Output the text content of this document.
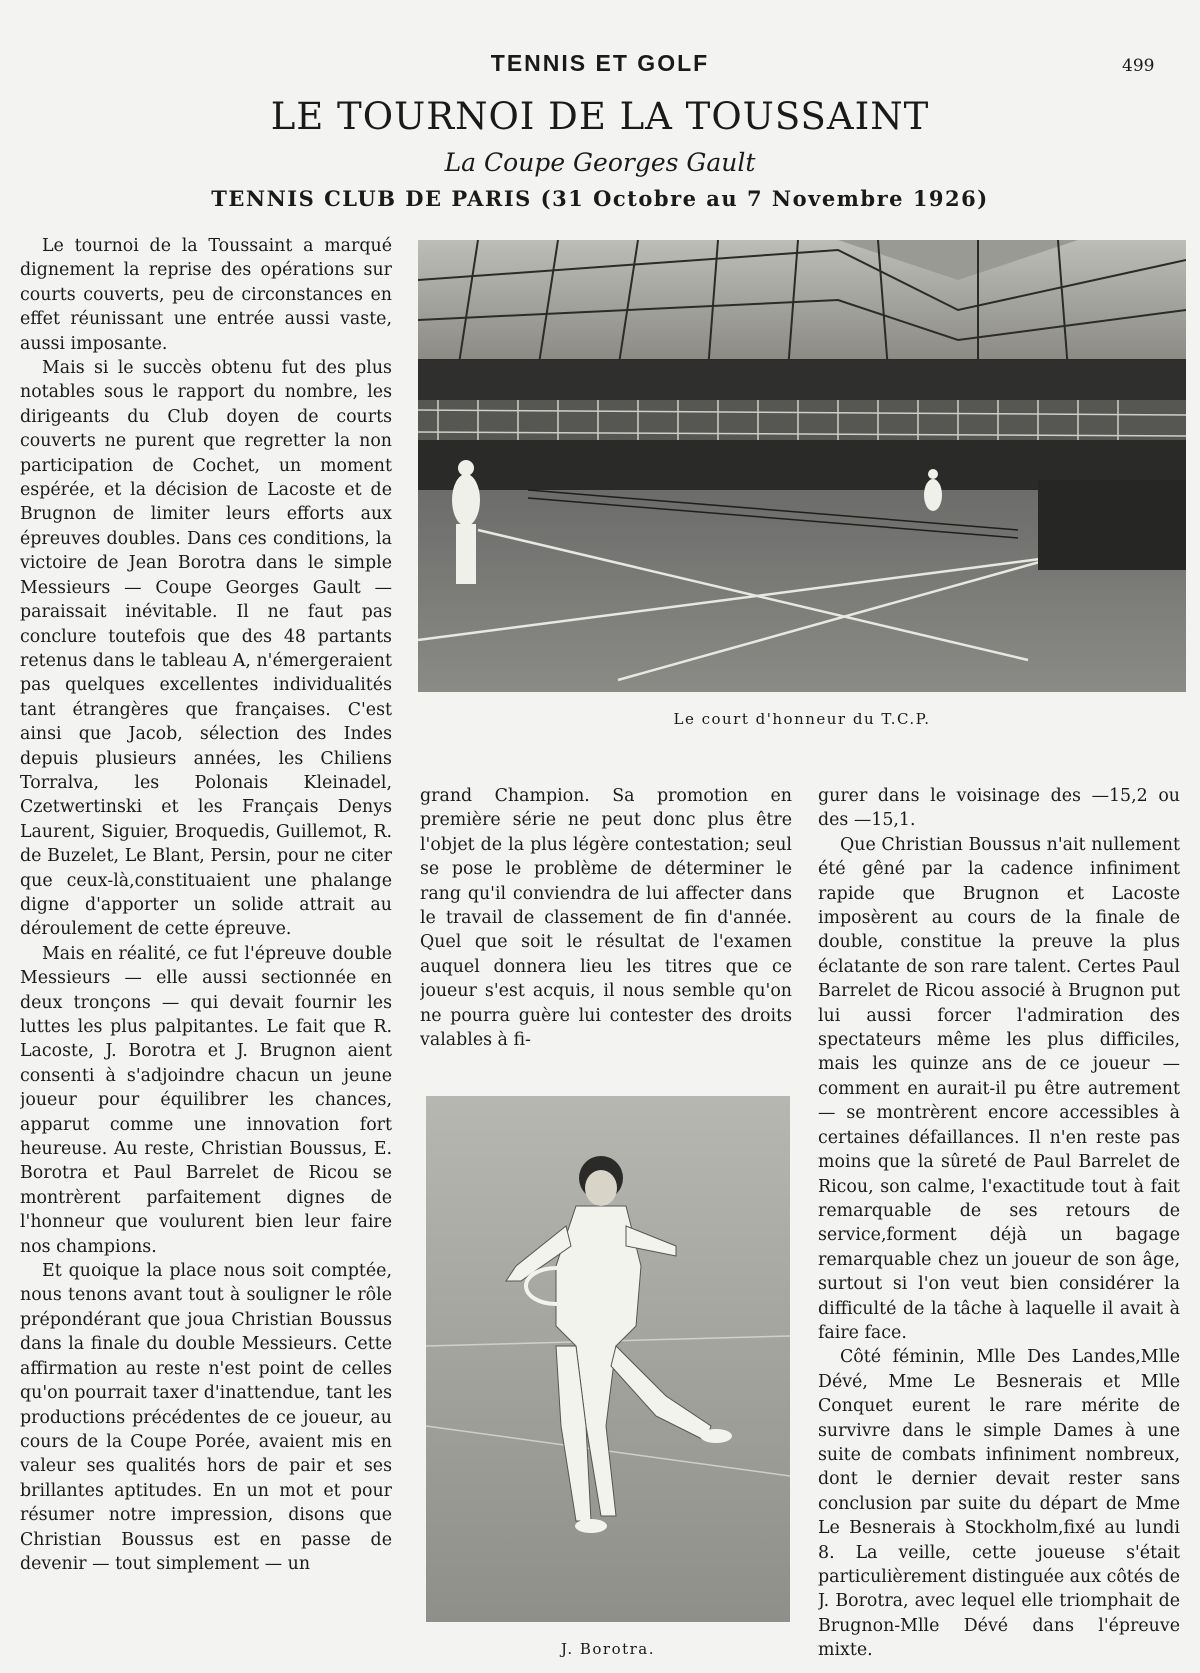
TENNIS ET GOLF	499
LE TOURNOI DE LA TOUSSAINT
La Coupe Georges Gault
TENNIS CLUB DE PARIS (31 Octobre au 7 Novembre 1926)

Le tournoi de la Toussaint a marqué dignement la reprise des opérations sur courts couverts, peu de circonstances en effet réunissant une entrée aussi vaste, aussi imposante.

Mais si le succès obtenu fut des plus notables sous le rapport du nombre, les dirigeants du Club doyen de courts couverts ne purent que regretter la non participation de Cochet, un moment espérée, et la décision de Lacoste et de Brugnon de limiter leurs efforts aux épreuves doubles. Dans ces conditions, la victoire de Jean Borotra dans le simple Messieurs — Coupe Georges Gault — paraissait inévitable. Il ne faut pas conclure toutefois que des 48 partants retenus dans le tableau A, n'émergeraient pas quelques excellentes individualités tant étrangères que françaises. C'est ainsi que Jacob, sélection des Indes depuis plusieurs années, les Chiliens Torralva, les Polonais Kleinadel, Czetwertinski et les Français Denys Laurent, Siguier, Broquedis, Guillemot, R. de Buzelet, Le Blant, Persin, pour ne citer que ceux-là,constituaient une phalange digne d'apporter un solide attrait au déroulement de cette épreuve.

Mais en réalité, ce fut l'épreuve double Messieurs — elle aussi sectionnée en deux tronçons — qui devait fournir les luttes les plus palpitantes. Le fait que R. Lacoste, J. Borotra et J. Brugnon aient consenti à s'adjoindre chacun un jeune joueur pour équilibrer les chances, apparut comme une innovation fort heureuse. Au reste, Christian Boussus, E. Borotra et Paul Barrelet de Ricou se montrèrent parfaitement dignes de l'honneur que voulurent bien leur faire nos champions.

Et quoique la place nous soit comptée, nous tenons avant tout à souligner le rôle prépondérant que joua Christian Boussus dans la finale du double Messieurs. Cette affirmation au reste n'est point de celles qu'on pourrait taxer d'inattendue, tant les productions précédentes de ce joueur, au cours de la Coupe Porée, avaient mis en valeur ses qualités hors de pair et ses brillantes aptitudes. En un mot et pour résumer notre impression, disons que Christian Boussus est en passe de devenir — tout simplement — un

Le court d'honneur du T.C.P.

grand Champion. Sa promotion en première série ne peut donc plus être l'objet de la plus légère contestation; seul se pose le problème de déterminer le rang qu'il conviendra de lui affecter dans le travail de classement de fin d'année. Quel que soit le résultat de l'examen auquel donnera lieu les titres que ce joueur s'est acquis, il nous semble qu'on ne pourra guère lui contester des droits valables à fi-

J. Borotra.

gurer dans le voisinage des —15,2 ou des —15,1.

Que Christian Boussus n'ait nullement été gêné par la cadence infiniment rapide que Brugnon et Lacoste imposèrent au cours de la finale de double, constitue la preuve la plus éclatante de son rare talent. Certes Paul Barrelet de Ricou associé à Brugnon put lui aussi forcer l'admiration des spectateurs même les plus difficiles, mais les quinze ans de ce joueur — comment en aurait-il pu être autrement — se montrèrent encore accessibles à certaines défaillances. Il n'en reste pas moins que la sûreté de Paul Barrelet de Ricou, son calme, l'exactitude tout à fait remarquable de ses retours de service,forment déjà un bagage remarquable chez un joueur de son âge, surtout si l'on veut bien considérer la difficulté de la tâche à laquelle il avait à faire face.

Côté féminin, Mlle Des Landes,Mlle Dévé, Mme Le Besnerais et Mlle Conquet eurent le rare mérite de survivre dans le simple Dames à une suite de combats infiniment nombreux, dont le dernier devait rester sans conclusion par suite du départ de Mme Le Besnerais à Stockholm,fixé au lundi 8. La veille, cette joueuse s'était particulièrement distinguée aux côtés de J. Borotra, avec lequel elle triomphait de Brugnon-Mlle Dévé dans l'épreuve mixte.
